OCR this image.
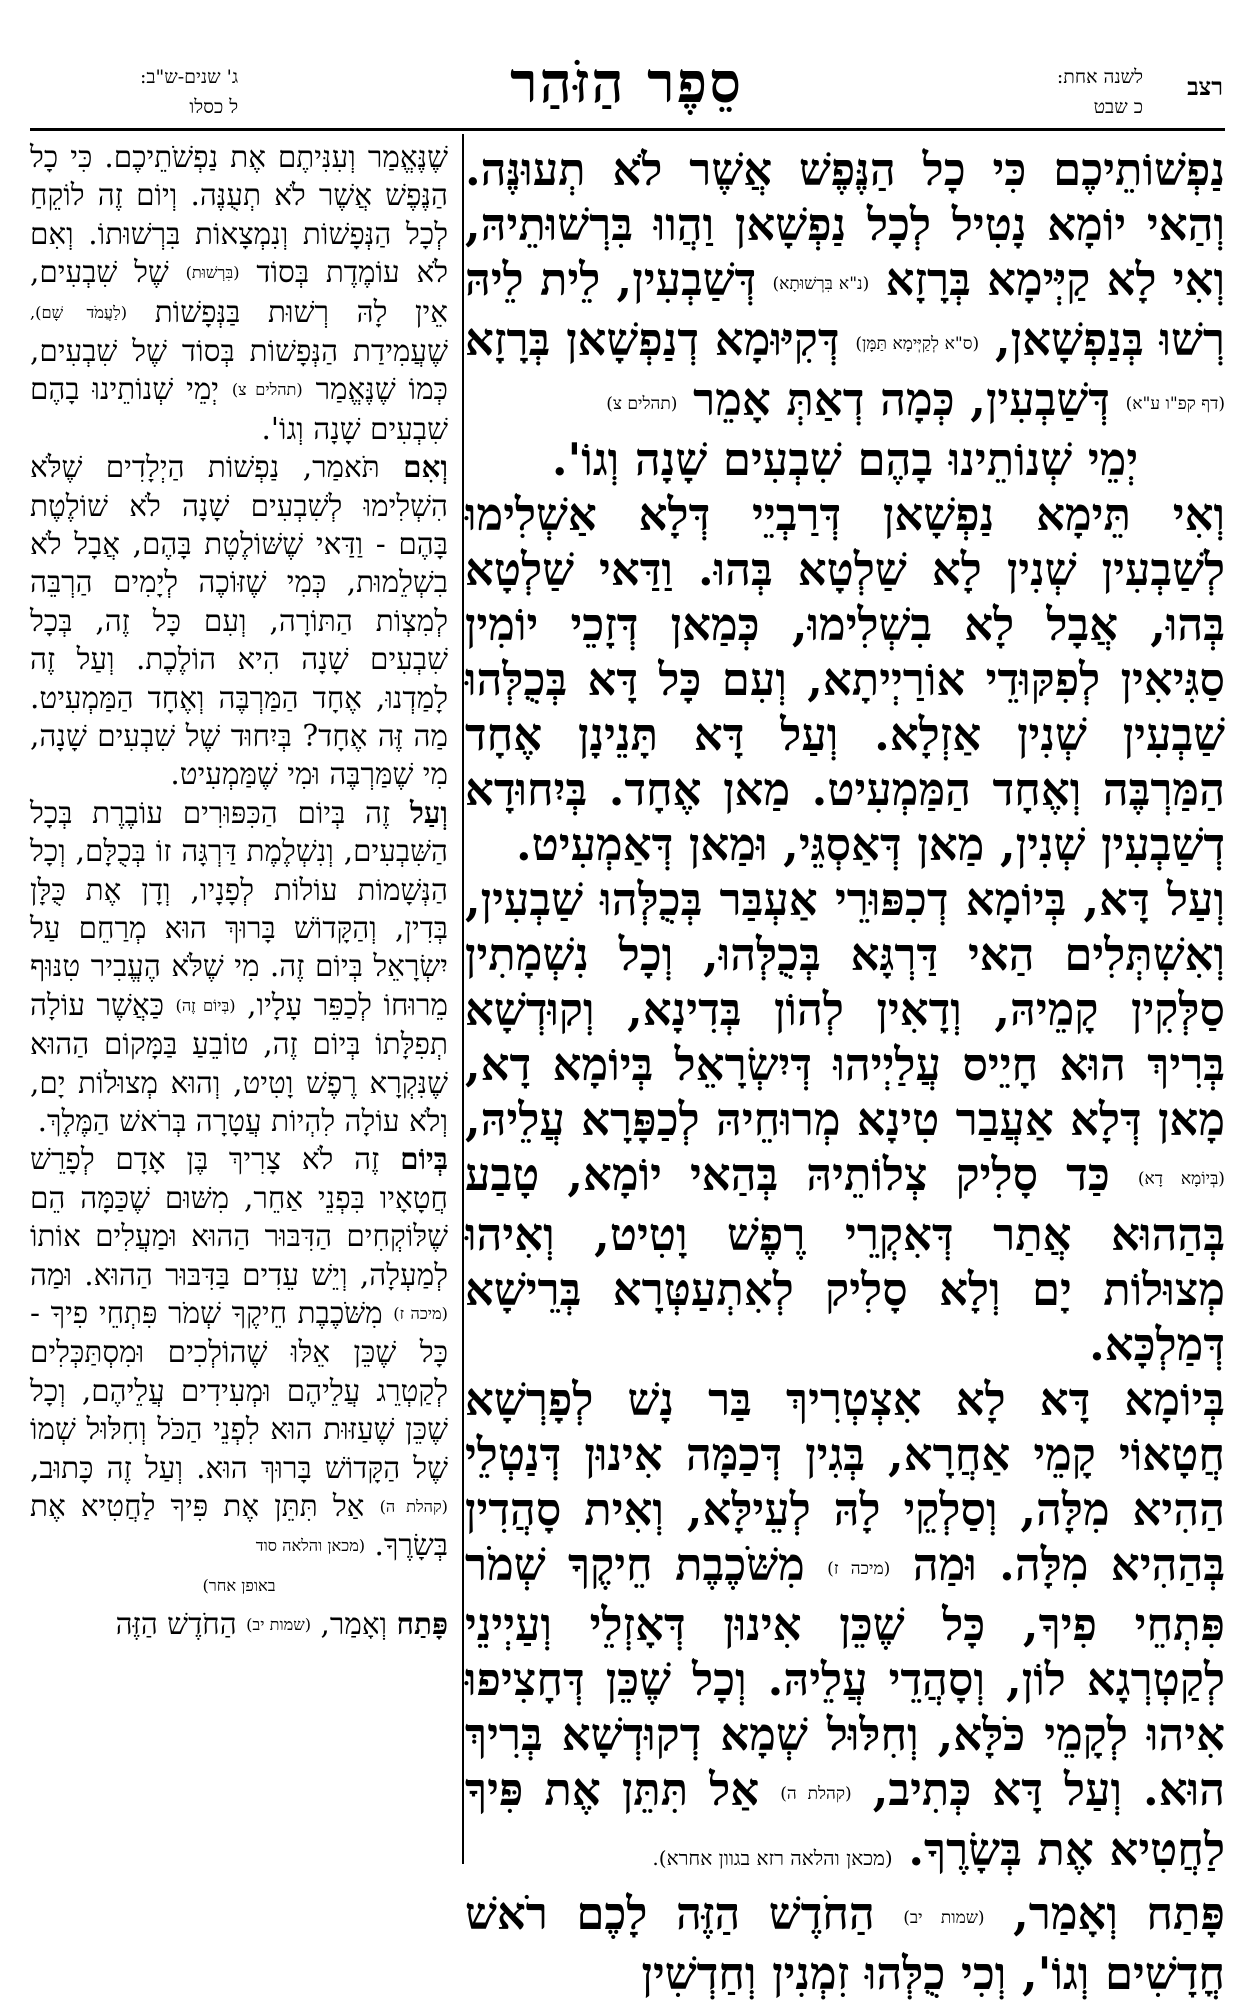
רצב
לשנה אחת:
כ שבט
סֵפֶר הַזֹּהַר
ג' שנים-ש"ב:
ל כסלו

נַפְשׁוֹתֵיכֶם כִּי כָל הַנֶּפֶשׁ אֲשֶׁר לֹא תְעוּנֶּה. וְהַאי יוֹמָא נָטִיל לְכָל נַפְשָׁאן וַהֲווּ בִּרְשׁוּתֵיהּ, וְאִי לָא קַיְּימָא בְּרָזָא (נ"א בִּרְשׁוּתָא) דְּשַׁבְעִין, לֵית לֵיהּ רְשׁוּ בְּנַפְשָׁאן, (ס"א לְקַיְּימָא תַּמָּן) דְּקִיּוּמָא דְנַפְשָׁאן בְּרָזָא (דף קפ"ו ע"א) דְּשַׁבְעִין, כְּמָה דְאַתְּ אָמֵר (תהלים צ)

יְמֵי שְׁנוֹתֵינוּ בָהֶם שִׁבְעִים שָׁנָה וְגוֹ'.

וְאִי תֵּימָא נַפְשָׁאן דְּרַבְיֵי דְּלָא אַשְׁלִימוּ לְשַׁבְעִין שְׁנִין לָא שַׁלְטָא בְּהוּ. וַדַּאי שַׁלְטָא בְּהוּ, אֲבָל לָא בִשְׁלִימוּ, כְּמַאן דְּזָכֵי יוֹמִין סַגִּיאִין לְפִקּוּדֵי אוֹרַיְיתָא, וְעִם כָּל דָּא בְּכֻלְּהוּ שַׁבְעִין שְׁנִין אַזְלָא. וְעַל דָּא תָּנֵינָן אֶחָד הַמַּרְבֶּה וְאֶחָד הַמַּמְעִיט. מַאן אֶחָד. בְּיִחוּדָא דְשַׁבְעִין שְׁנִין, מַאן דְּאַסְגֵּי, וּמַאן דְּאַמְעִיט.

וְעַל דָּא, בְּיוֹמָא דְכִפּוּרֵי אַעְבַּר בְּכֻלְּהוּ שַׁבְעִין, וְאִשְׁתְּלִים הַאי דַּרְגָּא בְּכֻלְּהוּ, וְכָל נִשְׁמָתִין סַלְּקִין קָמֵיהּ, וְדָאִין לְהוֹן בְּדִינָא, וְקוּדְשָׁא בְּרִיךְ הוּא חָיֵיס עֲלַיְיהוּ דְּיִשְׂרָאֵל בְּיוֹמָא דָא, מָאן דְּלָא אַעֲבַר טִינָא מְרוּחֵיהּ לְכַפָּרָא עֲלֵיהּ, (בְּיוֹמָא דָא) כַּד סָלִיק צְלוֹתֵיהּ בְּהַאי יוֹמָא, טָבַע בְּהַהוּא אֲתַר דְּאִקְרֵי רֶפֶשׁ וָטִיט, וְאִיהוּ מְצוּלוֹת יָם וְלָא סָלִיק לְאִתְעַטְּרָא בְּרֵישָׁא דְּמַלְכָּא.

בְּיוֹמָא דָּא לָא אִצְטְרִיךְ בַּר נָשׁ לְפָרְשָׁא חֲטָאוֹי קָמֵי אַחֲרָא, בְּגִין דְּכַמָּה אִינוּן דְּנַטְלֵי הַהִיא מִלָּה, וְסַלְקֵי לָהּ לְעֵילָּא, וְאִית סָהֲדִין בְּהַהִיא מִלָּה. וּמַה (מיכה ז) מִשֹּׁכֶבֶת חֵיקֶךָ שְׁמֹר פִּתְחֵי פִיךָ, כָּל שֶׁכֵּן אִינוּן דְּאָזְלֵי וְעַיְינֵי לְקַטְרְגָא לוֹן, וְסָהֲדֵי עֲלֵיהּ. וְכָל שֶׁכֵּן דְּחָצִיפוּ אִיהוּ לְקָמֵי כֹּלָּא, וְחִלּוּל שְׁמָא דְקוּדְשָׁא בְּרִיךְ הוּא. וְעַל דָּא כְּתִיב, (קהלת ה) אַל תִּתֵּן אֶת פִּיךָ לַחֲטִיא אֶת בְּשָׂרֶךָ. (מכאן והלאה רזא בגוון אחרא).

פָּתַח וְאָמַר, (שמות יב) הַחֹדֶשׁ הַזֶּה לָכֶם רֹאשׁ חֳדָשִׁים וְגוֹ', וְכִי כֻלְּהוּ זִמְנִין וְחַדְשִׁין

שֶׁנֶּאֱמַר וְעִנִּיתֶם אֶת נַפְשֹׁתֵיכֶם. כִּי כָל הַנֶּפֶשׁ אֲשֶׁר לֹא תְעֻנֶּה. וְיוֹם זֶה לוֹקֵחַ לְכָל הַנְּפָשׁוֹת וְנִמְצָאוֹת בִּרְשׁוּתוֹ. וְאִם לֹא עוֹמֶדֶת בְּסוֹד (בִּרְשׁוּת) שֶׁל שִׁבְעִים, אֵין לָהּ רְשׁוּת בַּנְּפָשׁוֹת (לַעֲמֹד שָׁם), שֶׁעֲמִידַת הַנְּפָשׁוֹת בְּסוֹד שֶׁל שִׁבְעִים, כְּמוֹ שֶׁנֶּאֱמַר (תהלים צ) יְמֵי שְׁנוֹתֵינוּ בָהֶם שִׁבְעִים שָׁנָה וְגוֹ'.

וְאִם תֹּאמַר, נַפְשׁוֹת הַיְלָדִים שֶׁלֹּא הִשְׁלִימוּ לְשִׁבְעִים שָׁנָה לֹא שׁוֹלֶטֶת בָּהֶם - וַדַּאי שֶׁשּׁוֹלֶטֶת בָּהֶם, אֲבָל לֹא בִשְׁלֵמוּת, כְּמִי שֶׁזּוֹכֶה לְיָמִים הַרְבֵּה לְמִצְוֹת הַתּוֹרָה, וְעִם כָּל זֶה, בְּכָל שִׁבְעִים שָׁנָה הִיא הוֹלֶכֶת. וְעַל זֶה לָמַדְנוּ, אֶחָד הַמַּרְבֶּה וְאֶחָד הַמַּמְעִיט. מַה זֶּה אֶחָד? בְּיִחוּד שֶׁל שִׁבְעִים שָׁנָה, מִי שֶׁמַּרְבֶּה וּמִי שֶׁמַּמְעִיט.

וְעַל זֶה בְּיוֹם הַכִּפּוּרִים עוֹבֶרֶת בְּכָל הַשִּׁבְעִים, וְנִשְׁלֶמֶת דַּרְגָּה זוֹ בְּכֻלָּם, וְכָל הַנְּשָׁמוֹת עוֹלוֹת לְפָנָיו, וְדָן אֶת כֻּלָּן בְּדִין, וְהַקָּדוֹשׁ בָּרוּךְ הוּא מְרַחֵם עַל יִשְׂרָאֵל בְּיוֹם זֶה. מִי שֶׁלֹּא הֶעֱבִיר טִנּוּף מֵרוּחוֹ לְכַפֵּר עָלָיו, (בְּיוֹם זֶה) כַּאֲשֶׁר עוֹלָה תְפִלָּתוֹ בְּיוֹם זֶה, טוֹבֵעַ בַּמָּקוֹם הַהוּא שֶׁנִּקְרָא רֶפֶשׁ וָטִיט, וְהוּא מְצוּלוֹת יָם, וְלֹא עוֹלָה לִהְיוֹת עֲטָרָה בְּרֹאשׁ הַמֶּלֶךְ.

בְּיוֹם זֶה לֹא צָרִיךְ בֶּן אָדָם לְפָרֵשׁ חֲטָאָיו בִּפְנֵי אַחֵר, מִשּׁוּם שֶׁכַּמָּה הֵם שֶׁלּוֹקְחִים הַדִּבּוּר הַהוּא וּמַעֲלִים אוֹתוֹ לְמַעְלָה, וְיֵשׁ עֵדִים בַּדִּבּוּר הַהוּא. וּמַה (מיכה ז) מִשֹּׁכֶבֶת חֵיקֶךָ שְׁמֹר פִּתְחֵי פִיךָ - כָּל שֶׁכֵּן אֵלּוּ שֶׁהוֹלְכִים וּמִסְתַּכְּלִים לְקַטְרֵג עֲלֵיהֶם וּמְעִידִים עֲלֵיהֶם, וְכָל שֶׁכֵּן שֶׁעַזּוּת הוּא לִפְנֵי הַכֹּל וְחִלּוּל שְׁמוֹ שֶׁל הַקָּדוֹשׁ בָּרוּךְ הוּא. וְעַל זֶה כָּתוּב, (קהלת ה) אַל תִּתֵּן אֶת פִּיךָ לַחֲטִיא אֶת בְּשָׂרֶךָ. (מכאן והלאה סוד

באופן אחר)

פָּתַח וְאָמַר, (שמות יב) הַחֹדֶשׁ הַזֶּה
